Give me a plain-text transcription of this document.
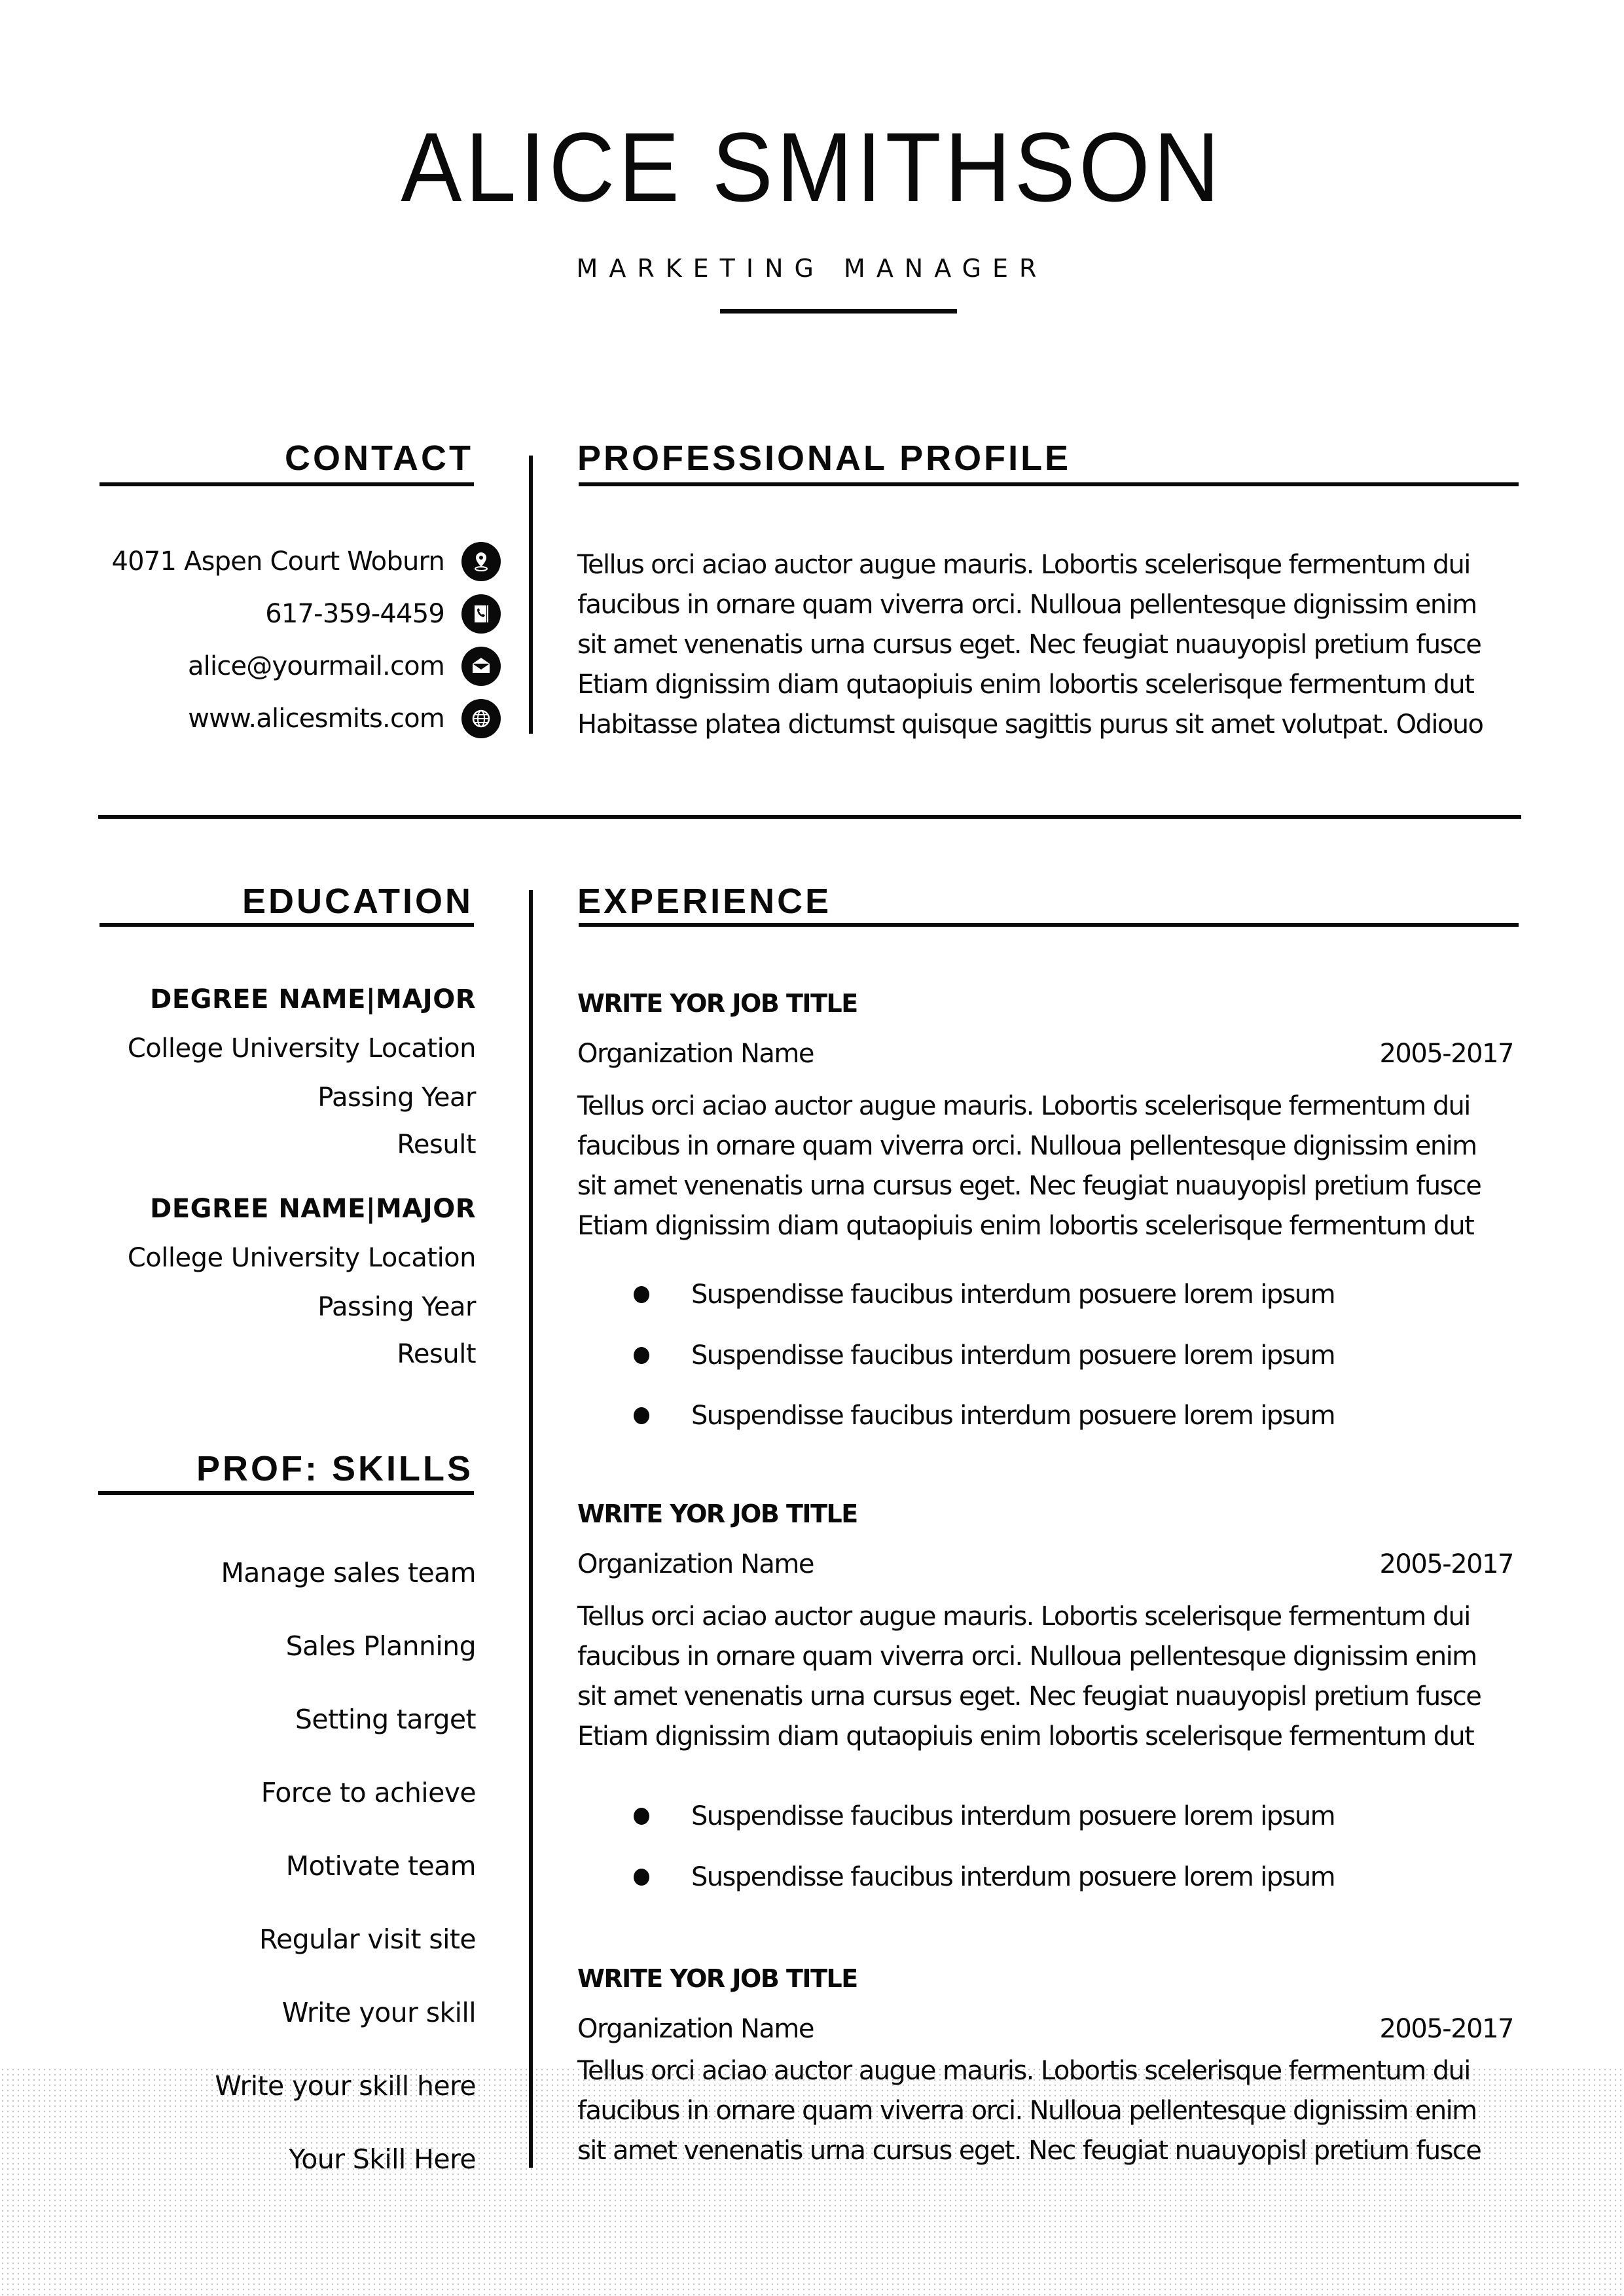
ALICE SMITHSON
MARKETING MANAGER
CONTACT
4071 Aspen Court Woburn
617-359-4459
alice@yourmail.com
www.alicesmits.com
PROFESSIONAL PROFILE
Tellus orci aciao auctor augue mauris. Lobortis scelerisque fermentum dui
faucibus in ornare quam viverra orci. Nulloua pellentesque dignissim enim
sit amet venenatis urna cursus eget. Nec feugiat nuauyopisl pretium fusce
Etiam dignissim diam qutaopiuis enim lobortis scelerisque fermentum dut
Habitasse platea dictumst quisque sagittis purus sit amet volutpat. Odiouo
EDUCATION
DEGREE NAME|MAJOR
College University Location
Passing Year
Result
DEGREE NAME|MAJOR
College University Location
Passing Year
Result
PROF: SKILLS
Manage sales team
Sales Planning
Setting target
Force to achieve
Motivate team
Regular visit site
Write your skill
Write your skill here
Your Skill Here
EXPERIENCE
WRITE YOR JOB TITLE
Organization Name	2005-2017
Tellus orci aciao auctor augue mauris. Lobortis scelerisque fermentum dui
faucibus in ornare quam viverra orci. Nulloua pellentesque dignissim enim
sit amet venenatis urna cursus eget. Nec feugiat nuauyopisl pretium fusce
Etiam dignissim diam qutaopiuis enim lobortis scelerisque fermentum dut
Suspendisse faucibus interdum posuere lorem ipsum
Suspendisse faucibus interdum posuere lorem ipsum
Suspendisse faucibus interdum posuere lorem ipsum
WRITE YOR JOB TITLE
Organization Name	2005-2017
Tellus orci aciao auctor augue mauris. Lobortis scelerisque fermentum dui
faucibus in ornare quam viverra orci. Nulloua pellentesque dignissim enim
sit amet venenatis urna cursus eget. Nec feugiat nuauyopisl pretium fusce
Etiam dignissim diam qutaopiuis enim lobortis scelerisque fermentum dut
Suspendisse faucibus interdum posuere lorem ipsum
Suspendisse faucibus interdum posuere lorem ipsum
WRITE YOR JOB TITLE
Organization Name	2005-2017
Tellus orci aciao auctor augue mauris. Lobortis scelerisque fermentum dui
faucibus in ornare quam viverra orci. Nulloua pellentesque dignissim enim
sit amet venenatis urna cursus eget. Nec feugiat nuauyopisl pretium fusce
